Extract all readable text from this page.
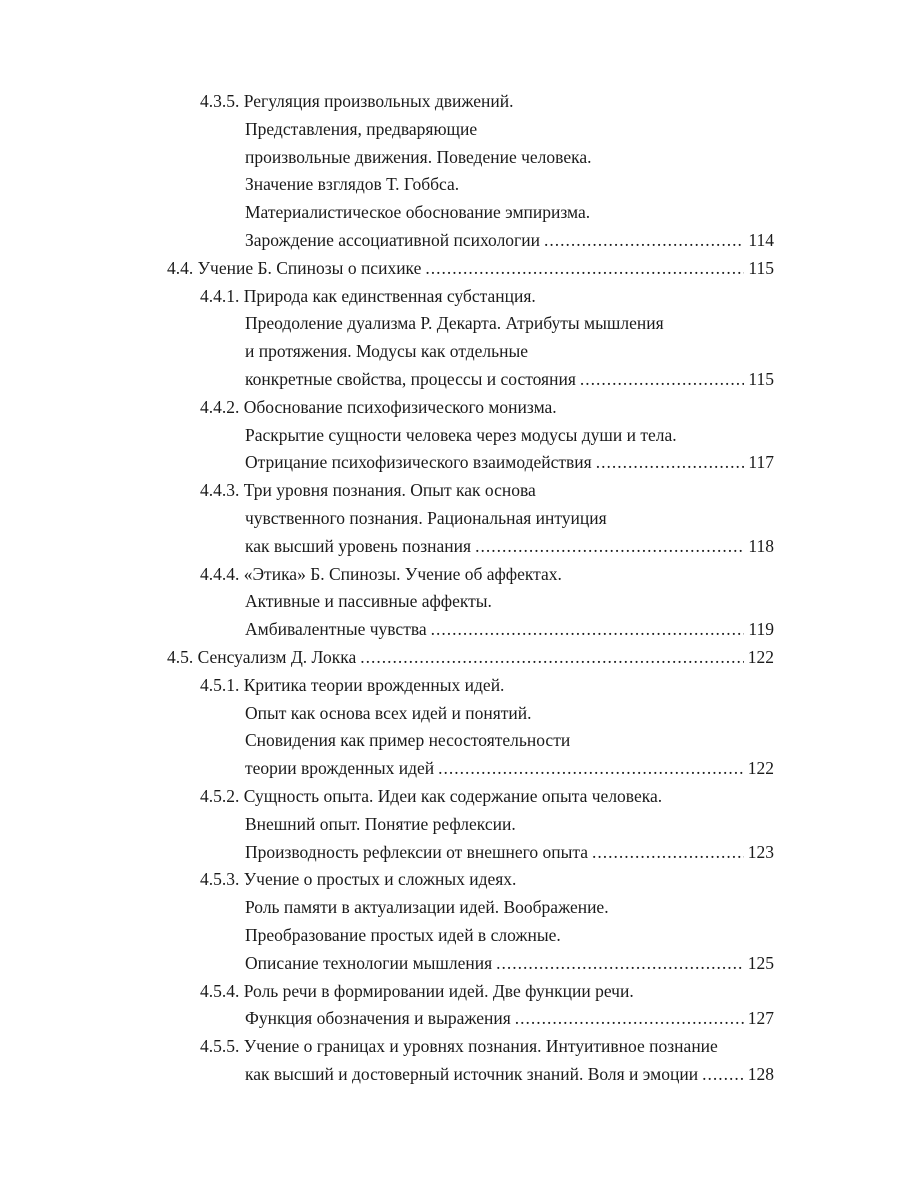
4.3.5. Регуляция произвольных движений.
Представления, предваряющие
произвольные движения. Поведение человека.
Значение взглядов Т. Гоббса.
Материалистическое обоснование эмпиризма.
Зарождение ассоциативной психологии .....	114
4.4. Учение Б. Спинозы о психике .....	115
4.4.1. Природа как единственная субстанция.
Преодоление дуализма Р. Декарта. Атрибуты мышления
и протяжения. Модусы как отдельные
конкретные свойства, процессы и состояния .....	115
4.4.2. Обоснование психофизического монизма.
Раскрытие сущности человека через модусы души и тела.
Отрицание психофизического взаимодействия .....	117
4.4.3. Три уровня познания. Опыт как основа
чувственного познания. Рациональная интуиция
как высший уровень познания .....	118
4.4.4. «Этика» Б. Спинозы. Учение об аффектах.
Активные и пассивные аффекты.
Амбивалентные чувства .....	119
4.5. Сенсуализм Д. Локка .....	122
4.5.1. Критика теории врожденных идей.
Опыт как основа всех идей и понятий.
Сновидения как пример несостоятельности
теории врожденных идей .....	122
4.5.2. Сущность опыта. Идеи как содержание опыта человека.
Внешний опыт. Понятие рефлексии.
Производность рефлексии от внешнего опыта .....	123
4.5.3. Учение о простых и сложных идеях.
Роль памяти в актуализации идей. Воображение.
Преобразование простых идей в сложные.
Описание технологии мышления .....	125
4.5.4. Роль речи в формировании идей. Две функции речи.
Функция обозначения и выражения .....	127
4.5.5. Учение о границах и уровнях познания. Интуитивное познание
как высший и достоверный источник знаний. Воля и эмоции .....	128
